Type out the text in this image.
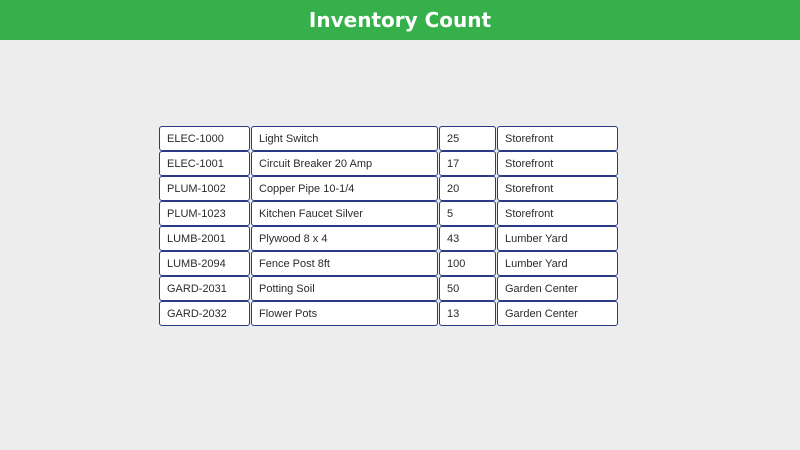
Inventory Count
ELEC-1000	Light Switch	25	Storefront
ELEC-1001	Circuit Breaker 20 Amp	17	Storefront
PLUM-1002	Copper Pipe 10-1/4	20	Storefront
PLUM-1023	Kitchen Faucet Silver	5	Storefront
LUMB-2001	Plywood 8 x 4	43	Lumber Yard
LUMB-2094	Fence Post 8ft	100	Lumber Yard
GARD-2031	Potting Soil	50	Garden Center
GARD-2032	Flower Pots	13	Garden Center
